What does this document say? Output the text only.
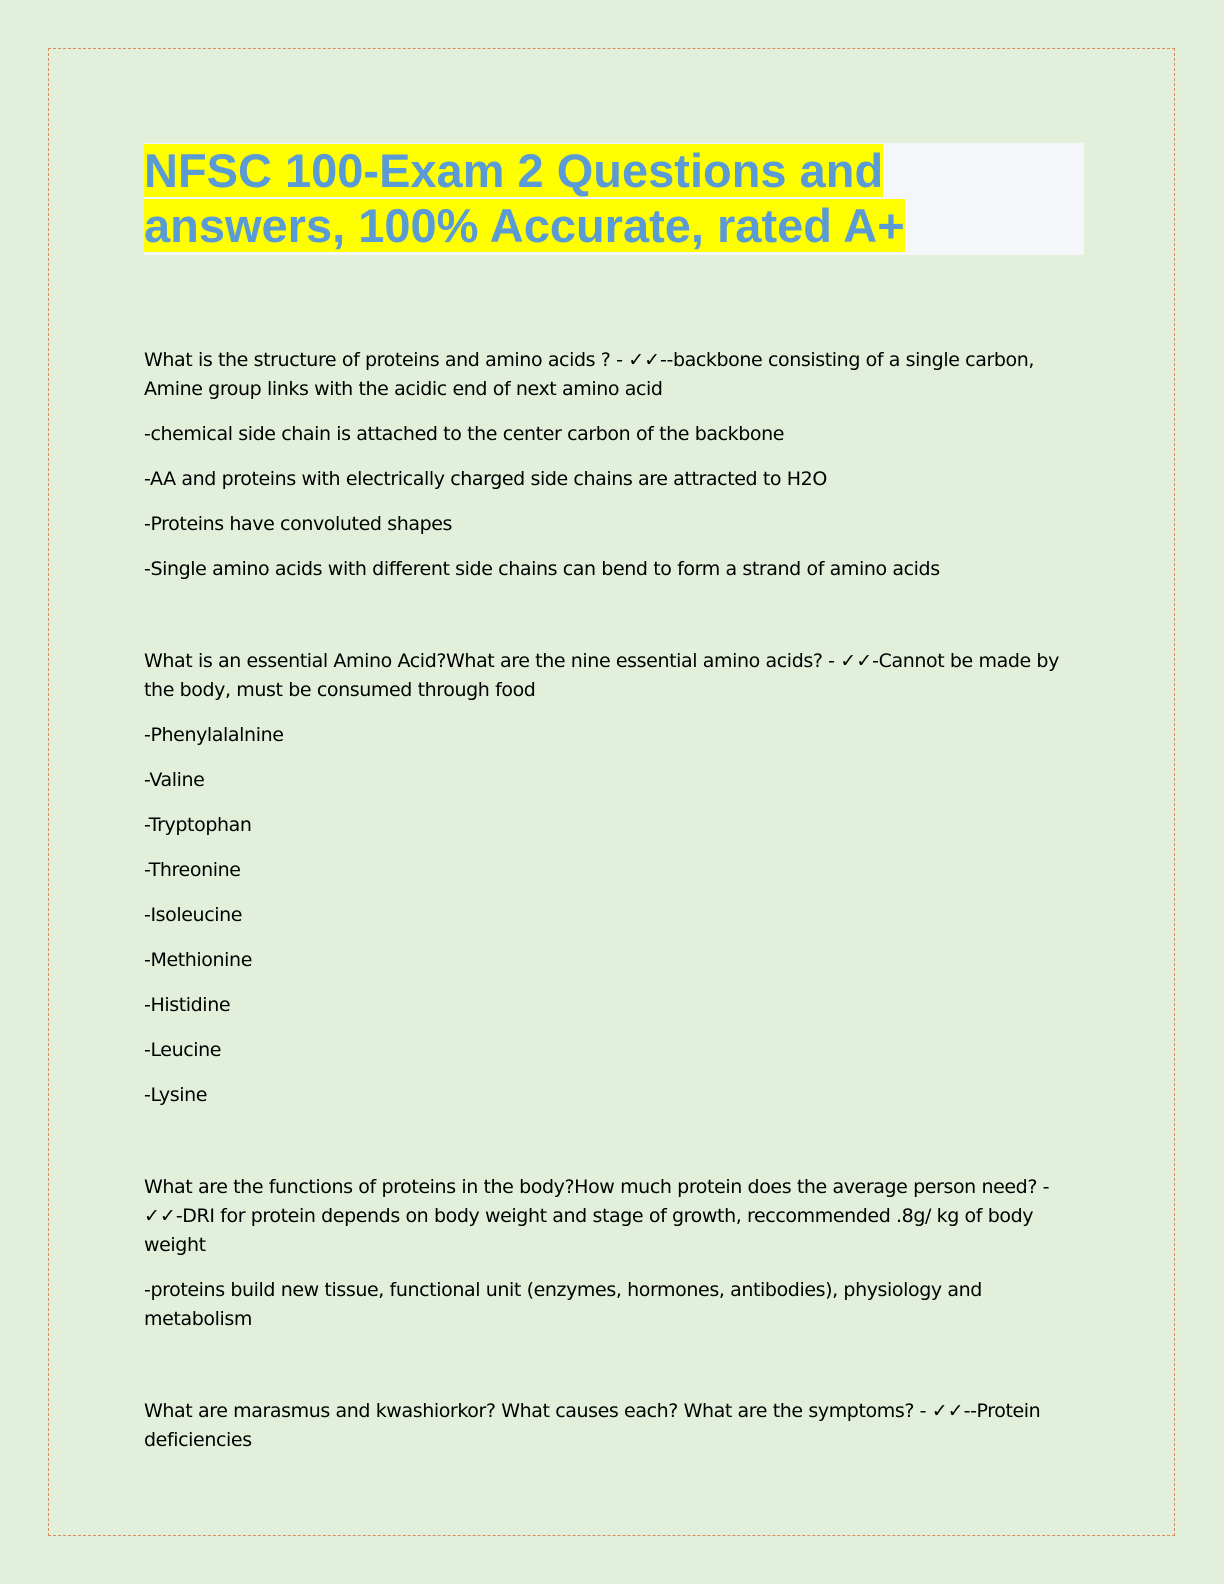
NFSC 100-Exam 2 Questions and answers, 100% Accurate, rated A+

What is the structure of proteins and amino acids ? - ✓✓--backbone consisting of a single carbon, Amine group links with the acidic end of next amino acid

-chemical side chain is attached to the center carbon of the backbone

-AA and proteins with electrically charged side chains are attracted to H2O

-Proteins have convoluted shapes

-Single amino acids with different side chains can bend to form a strand of amino acids

What is an essential Amino Acid?What are the nine essential amino acids? - ✓✓-Cannot be made by the body, must be consumed through food

-Phenylalalnine

-Valine

-Tryptophan

-Threonine

-Isoleucine

-Methionine

-Histidine

-Leucine

-Lysine

What are the functions of proteins in the body?How much protein does the average person need? - ✓✓-DRI for protein depends on body weight and stage of growth, reccommended .8g/ kg of body weight

-proteins build new tissue, functional unit (enzymes, hormones, antibodies), physiology and metabolism

What are marasmus and kwashiorkor? What causes each? What are the symptoms? - ✓✓--Protein deficiencies
